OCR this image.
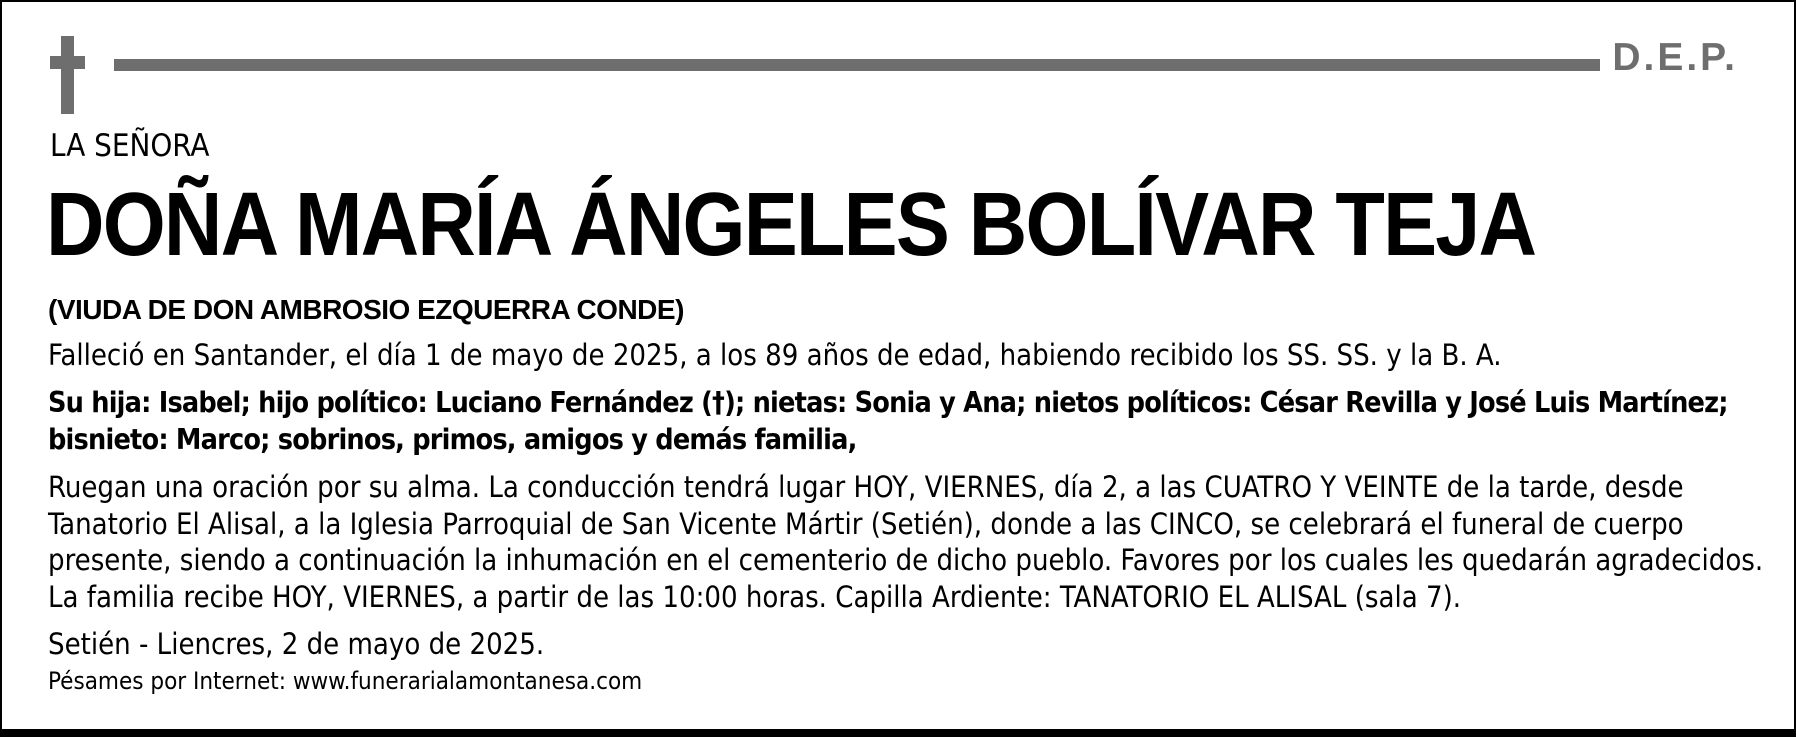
D.E.P.
LA SEÑORA
DOÑA MARÍA ÁNGELES BOLÍVAR TEJA
(VIUDA DE DON AMBROSIO EZQUERRA CONDE)
Falleció en Santander, el día 1 de mayo de 2025, a los 89 años de edad, habiendo recibido los SS. SS. y la B. A.
Su hija: Isabel; hijo político: Luciano Fernández (†); nietas: Sonia y Ana; nietos políticos: César Revilla y José Luis Martínez; bisnieto: Marco; sobrinos, primos, amigos y demás familia,
Ruegan una oración por su alma. La conducción tendrá lugar HOY, VIERNES, día 2, a las CUATRO Y VEINTE de la tarde, desde Tanatorio El Alisal, a la Iglesia Parroquial de San Vicente Mártir (Setién), donde a las CINCO, se celebrará el funeral de cuerpo presente, siendo a continuación la inhumación en el cementerio de dicho pueblo. Favores por los cuales les quedarán agradecidos. La familia recibe HOY, VIERNES, a partir de las 10:00 horas. Capilla Ardiente: TANATORIO EL ALISAL (sala 7).
Setién - Liencres, 2 de mayo de 2025.
Pésames por Internet: www.funerarialamontanesa.com
